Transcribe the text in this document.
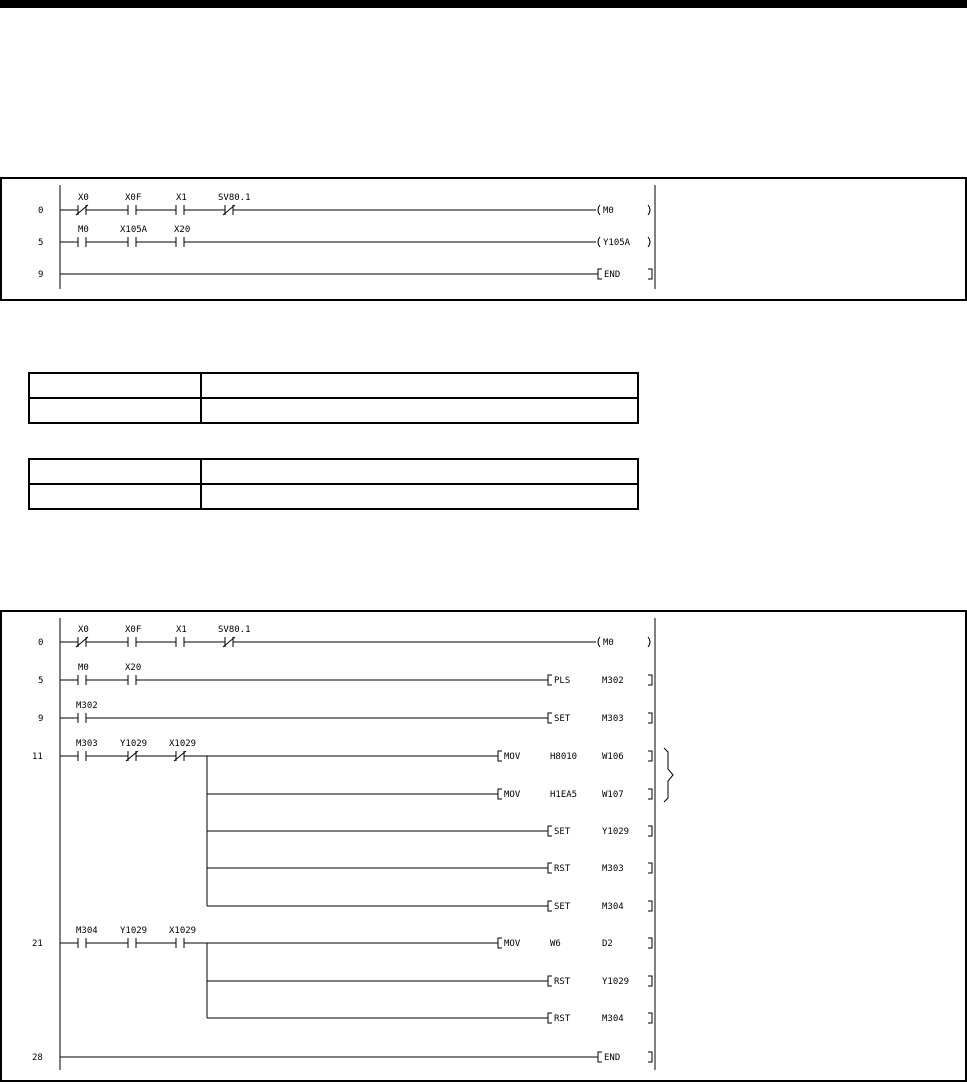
0
X0	X0F	X1	SV80.1
M0
5
M0	X105A	X20
Y105A
9	END

0
X0	X0F	X1	SV80.1
M0
5
M0	X20
PLS	M302
9
M302
SET	M303
11
M303 Y1029 X1029
MOV	H8010	W106
MOV	H1EA5	W107
SET	Y1029
RST	M303
SET	M304
21
M304 Y1029 X1029
MOV	W6	D2
RST	Y1029
RST	M304
28	END
